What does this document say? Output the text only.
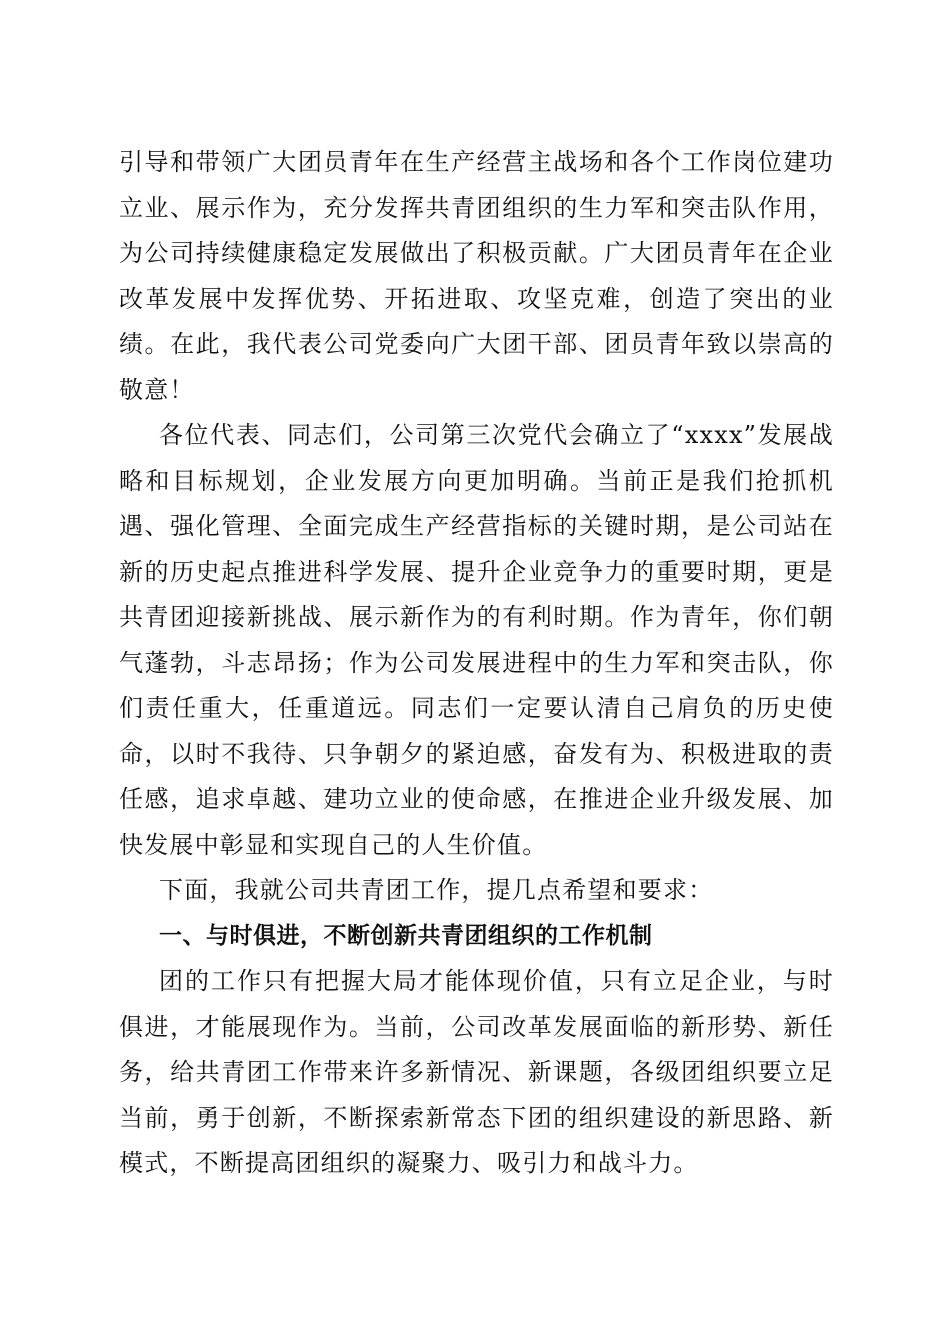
引导和带领广大团员青年在生产经营主战场和各个工作岗位建功立业、展示作为，充分发挥共青团组织的生力军和突击队作用，为公司持续健康稳定发展做出了积极贡献。广大团员青年在企业改革发展中发挥优势、开拓进取、攻坚克难，创造了突出的业绩。在此，我代表公司党委向广大团干部、团员青年致以崇高的敬意！

各位代表、同志们，公司第三次党代会确立了“xxxx”发展战略和目标规划，企业发展方向更加明确。当前正是我们抢抓机遇、强化管理、全面完成生产经营指标的关键时期，是公司站在新的历史起点推进科学发展、提升企业竞争力的重要时期，更是共青团迎接新挑战、展示新作为的有利时期。作为青年，你们朝气蓬勃，斗志昂扬；作为公司发展进程中的生力军和突击队，你们责任重大，任重道远。同志们一定要认清自己肩负的历史使命，以时不我待、只争朝夕的紧迫感，奋发有为、积极进取的责任感，追求卓越、建功立业的使命感，在推进企业升级发展、加快发展中彰显和实现自己的人生价值。

下面，我就公司共青团工作，提几点希望和要求：

一、与时俱进，不断创新共青团组织的工作机制

团的工作只有把握大局才能体现价值，只有立足企业，与时俱进，才能展现作为。当前，公司改革发展面临的新形势、新任务，给共青团工作带来许多新情况、新课题，各级团组织要立足当前，勇于创新，不断探索新常态下团的组织建设的新思路、新模式，不断提高团组织的凝聚力、吸引力和战斗力。
